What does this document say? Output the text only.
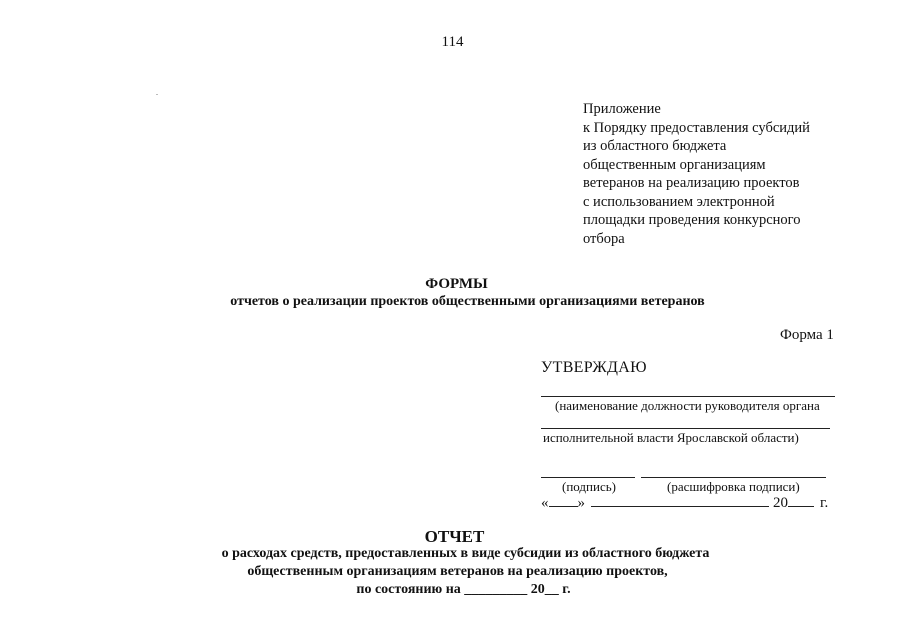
114
Приложение
к Порядку предоставления субсидий
из областного бюджета
общественным организациям
ветеранов на реализацию проектов
с использованием электронной
площадки проведения конкурсного
отбора
ФОРМЫ
отчетов о реализации проектов общественными организациями ветеранов
Форма 1
УТВЕРЖДАЮ
(наименование должности руководителя органа
исполнительной власти Ярославской области)
(подпись)	(расшифровка подписи)
« »	20 г.
ОТЧЕТ
о расходах средств, предоставленных в виде субсидии из областного бюджета
общественным организациям ветеранов на реализацию проектов,
по состоянию на _________ 20__ г.
